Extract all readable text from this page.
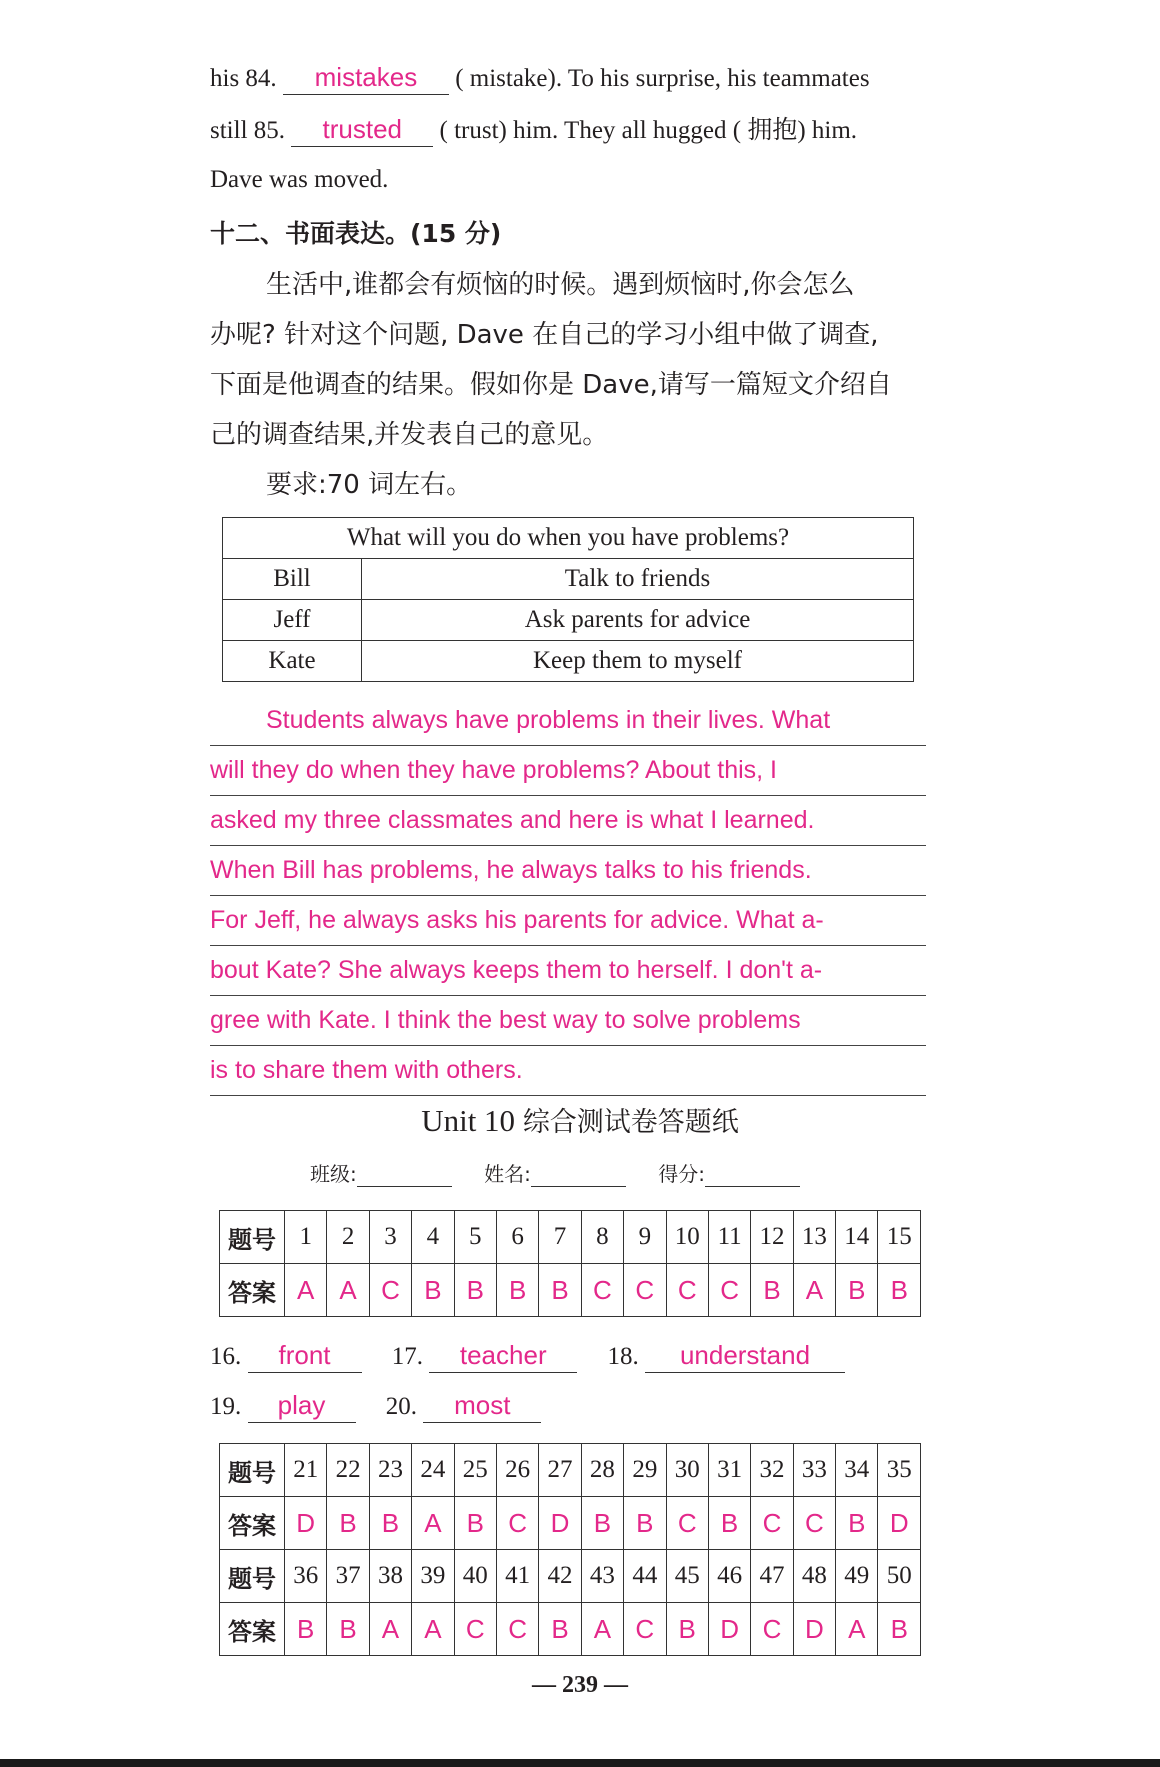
his 84. mistakes ( mistake). To his surprise, his teammates
still 85. trusted ( trust) him. They all hugged ( 拥抱) him.
Dave was moved.
十二、书面表达。(15 分)
生活中,谁都会有烦恼的时候。遇到烦恼时,你会怎么
办呢? 针对这个问题, Dave 在自己的学习小组中做了调查,
下面是他调查的结果。假如你是 Dave,请写一篇短文介绍自
己的调查结果,并发表自己的意见。
要求:70 词左右。
What will you do when you have problems?	
Bill	Talk to friends
Jeff	Ask parents for advice
Kate	Keep them to myself
Students always have problems in their lives. What
will they do when they have problems? About this, I
asked my three classmates and here is what I learned.
When Bill has problems, he always talks to his friends.
For Jeff, he always asks his parents for advice. What a-
bout Kate? She always keeps them to herself. I don't a-
gree with Kate. I think the best way to solve problems
is to share them with others.
Unit 10 综合测试卷答题纸
班级:	姓名:	得分:
题号	1	2	3	4	5	6	7	8	9	10	11	12	13	14	15
答案	A	A	C	B	B	B	B	C	C	C	C	B	A	B	B
16. front 17. teacher 18. understand
19. play 20. most
题号	21	22	23	24	25	26	27	28	29	30	31	32	33	34	35
答案	D	B	B	A	B	C	D	B	B	C	B	C	C	B	D
题号	36	37	38	39	40	41	42	43	44	45	46	47	48	49	50
答案	B	B	A	A	C	C	B	A	C	B	D	C	D	A	B
— 239 —
